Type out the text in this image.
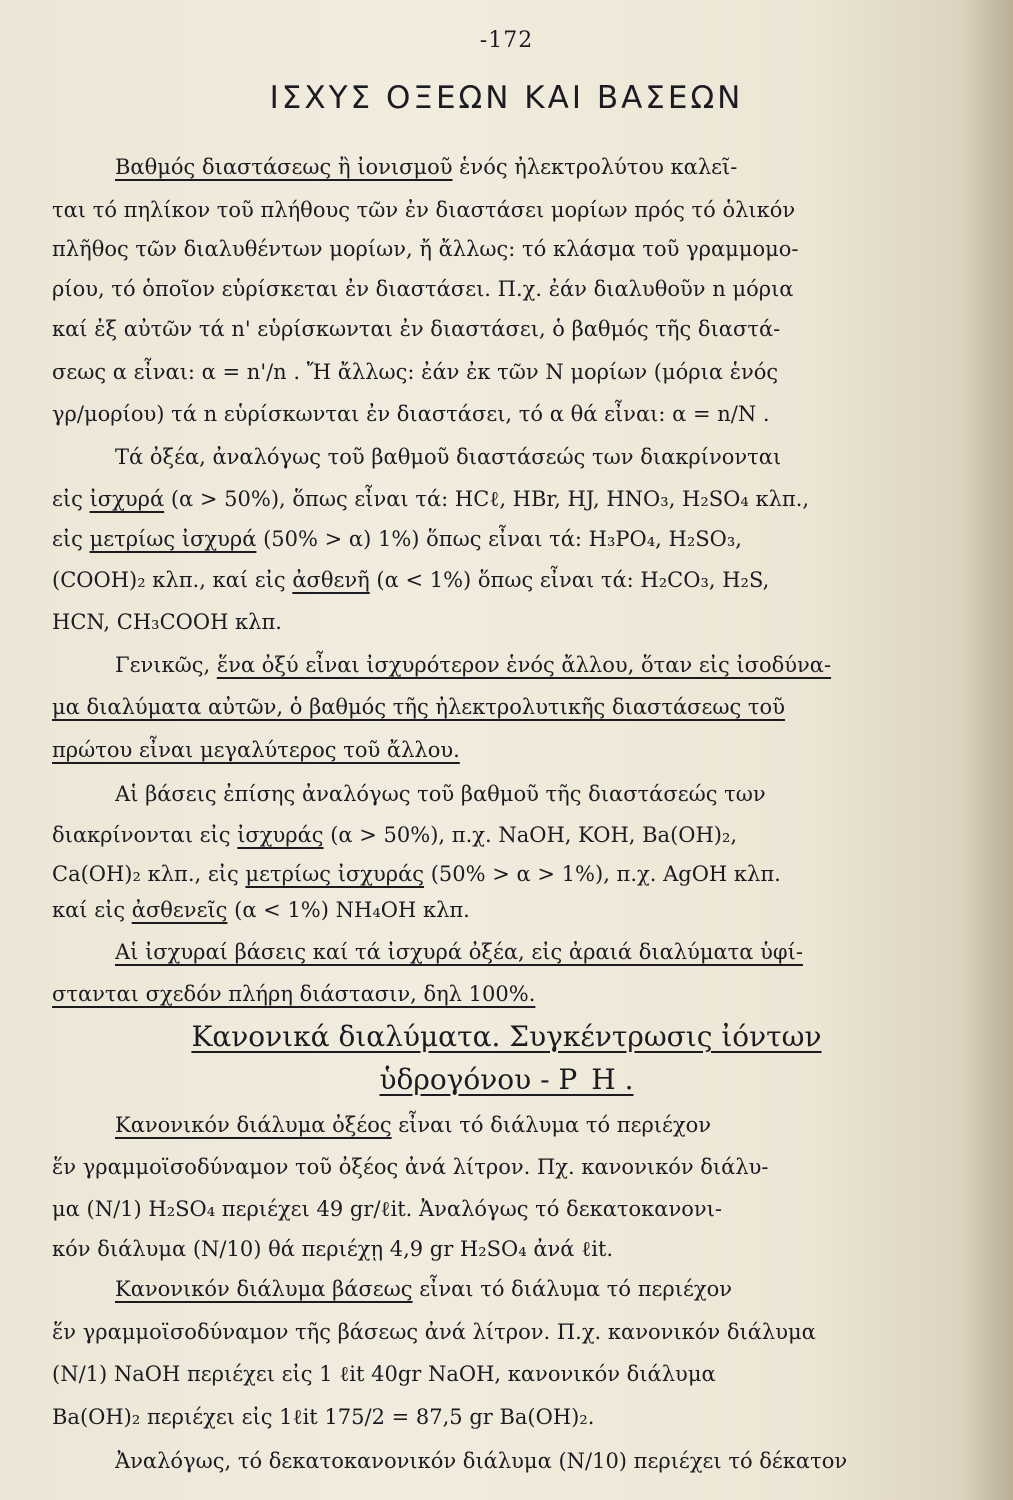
-172
ΙΣΧΥΣ ΟΞΕΩΝ ΚΑΙ ΒΑΣΕΩΝ
Βαθμός διαστάσεως ἢ ἰονισμοῦ ἑνός ἠλεκτρολύτου καλεῖ-
ται τό πηλίκον τοῦ πλήθους τῶν ἐν διαστάσει μορίων πρός τό ὁλικόν
πλῆθος τῶν διαλυθέντων μορίων, ἤ ἄλλως: τό κλάσμα τοῦ γραμμομο-
ρίου, τό ὁποῖον εὑρίσκεται ἐν διαστάσει. Π.χ. ἐάν διαλυθοῦν n μόρια
καί ἐξ αὐτῶν τά n' εὑρίσκωνται ἐν διαστάσει, ὁ βαθμός τῆς διαστά-
σεως α εἶναι: α = n'/n . Ἤ ἄλλως: ἐάν ἐκ τῶν N μορίων (μόρια ἑνός
γρ/μορίου) τά n εὑρίσκωνται ἐν διαστάσει, τό α θά εἶναι: α = n/N .
Τά ὀξέα, ἀναλόγως τοῦ βαθμοῦ διαστάσεώς των διακρίνονται
εἰς ἰσχυρά (α > 50%), ὅπως εἶναι τά: HCℓ, HBr, HJ, HNO₃, H₂SO₄ κλπ.,
εἰς μετρίως ἰσχυρά (50% > α) 1%) ὅπως εἶναι τά: H₃PO₄, H₂SO₃,
(COOH)₂ κλπ., καί εἰς ἀσθενῆ (α < 1%) ὅπως εἶναι τά: H₂CO₃, H₂S,
HCN, CH₃COOH κλπ.
Γενικῶς, ἕνα ὀξύ εἶναι ἰσχυρότερον ἑνός ἄλλου, ὅταν εἰς ἰσοδύνα-
μα διαλύματα αὐτῶν, ὁ βαθμός τῆς ἠλεκτρολυτικῆς διαστάσεως τοῦ
πρώτου εἶναι μεγαλύτερος τοῦ ἄλλου.
Αἱ βάσεις ἐπίσης ἀναλόγως τοῦ βαθμοῦ τῆς διαστάσεώς των
διακρίνονται εἰς ἰσχυράς (α > 50%), π.χ. NaOH, KOH, Ba(OH)₂,
Ca(OH)₂ κλπ., εἰς μετρίως ἰσχυράς (50% > α > 1%), π.χ. AgOH κλπ.
καί εἰς ἀσθενεῖς (α < 1%) NH₄OH κλπ.
Αἱ ἰσχυραί βάσεις καί τά ἰσχυρά ὀξέα, εἰς ἀραιά διαλύματα ὑφί-
στανται σχεδόν πλήρη διάστασιν, δηλ 100%.
Κανονικά διαλύματα. Συγκέντρωσις ἰόντων
ὑδρογόνου - P_H .
Κανονικόν διάλυμα ὀξέος εἶναι τό διάλυμα τό περιέχον
ἕν γραμμοϊσοδύναμον τοῦ ὀξέος ἀνά λίτρον. Πχ. κανονικόν διάλυ-
μα (N/1) H₂SO₄ περιέχει 49 gr/ℓit. Ἀναλόγως τό δεκατοκανονι-
κόν διάλυμα (N/10) θά περιέχῃ 4,9 gr H₂SO₄ ἀνά ℓit.
Κανονικόν διάλυμα βάσεως εἶναι τό διάλυμα τό περιέχον
ἕν γραμμοϊσοδύναμον τῆς βάσεως ἀνά λίτρον. Π.χ. κανονικόν διάλυμα
(N/1) NaOH περιέχει εἰς 1 ℓit 40gr NaOH, κανονικόν διάλυμα
Ba(OH)₂ περιέχει εἰς 1ℓit 175/2 = 87,5 gr Ba(OH)₂.
Ἀναλόγως, τό δεκατοκανονικόν διάλυμα (N/10) περιέχει τό δέκατον
